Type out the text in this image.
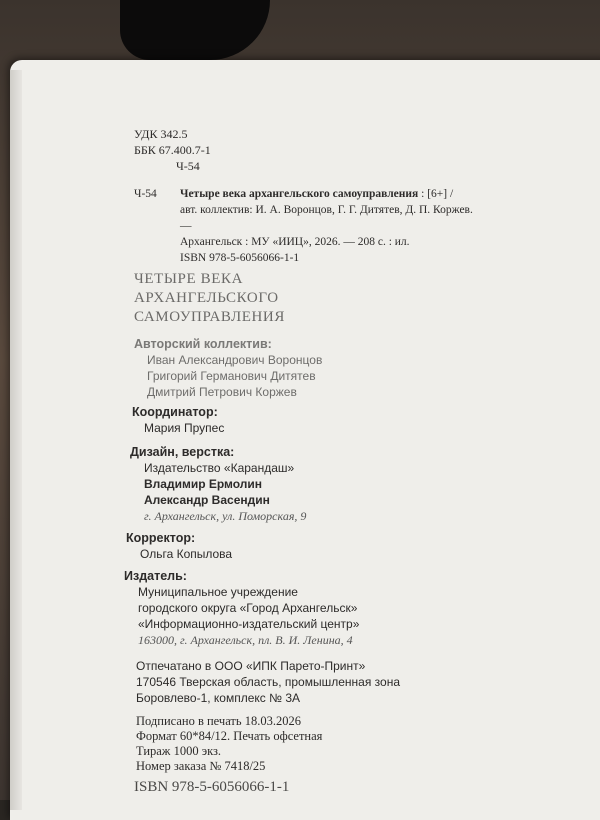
УДК 342.5
ББК 67.400.7-1
Ч-54
Ч-54 Четыре века архангельского самоуправления : [6+] /
авт. коллектив: И. А. Воронцов, Г. Г. Дитятев, Д. П. Коржев. —
Архангельск : МУ «ИИЦ», 2026. — 208 с. : ил.
ISBN 978-5-6056066-1-1
ЧЕТЫРЕ ВЕКА
АРХАНГЕЛЬСКОГО
САМОУПРАВЛЕНИЯ
Авторский коллектив:
Иван Александрович Воронцов
Григорий Германович Дитятев
Дмитрий Петрович Коржев
Координатор:
Мария Прупес
Дизайн, верстка:
Издательство «Карандаш»
Владимир Ермолин
Александр Васендин
г. Архангельск, ул. Поморская, 9
Корректор:
Ольга Копылова
Издатель:
Муниципальное учреждение
городского округа «Город Архангельск»
«Информационно-издательский центр»
163000, г. Архангельск, пл. В. И. Ленина, 4
Отпечатано в ООО «ИПК Парето-Принт»
170546 Тверская область, промышленная зона
Боровлево-1, комплекс № 3А
Подписано в печать 18.03.2026
Формат 60*84/12. Печать офсетная
Тираж 1000 экз.
Номер заказа № 7418/25
ISBN 978-5-6056066-1-1
